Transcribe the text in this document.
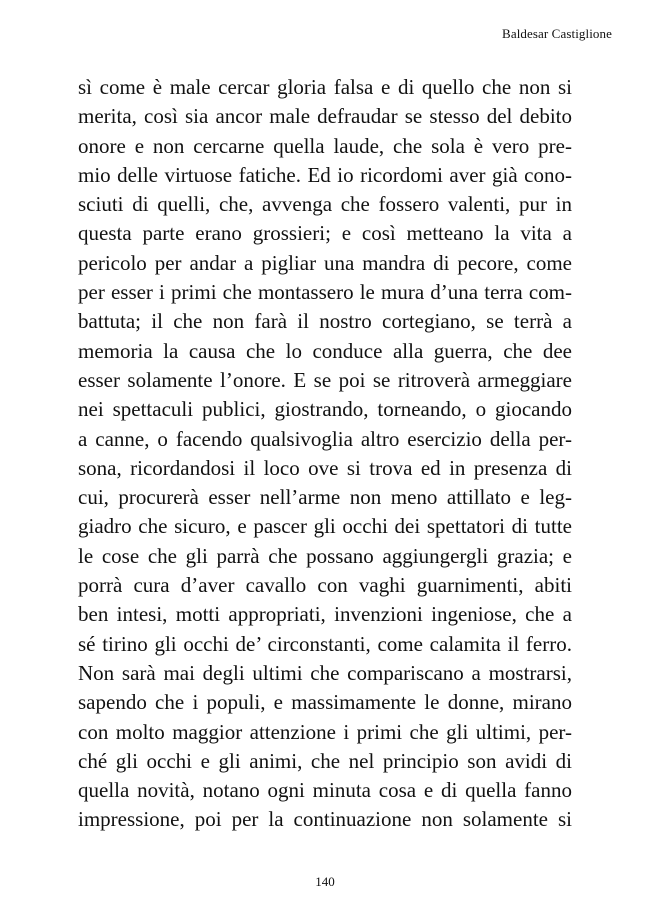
Baldesar Castiglione
sì come è male cercar gloria falsa e di quello che non si
merita, così sia ancor male defraudar se stesso del debito
onore e non cercarne quella laude, che sola è vero pre-
mio delle virtuose fatiche. Ed io ricordomi aver già cono-
sciuti di quelli, che, avvenga che fossero valenti, pur in
questa parte erano grossieri; e così metteano la vita a
pericolo per andar a pigliar una mandra di pecore, come
per esser i primi che montassero le mura d’una terra com-
battuta; il che non farà il nostro cortegiano, se terrà a
memoria la causa che lo conduce alla guerra, che dee
esser solamente l’onore. E se poi se ritroverà armeggiare
nei spettaculi publici, giostrando, torneando, o giocando
a canne, o facendo qualsivoglia altro esercizio della per-
sona, ricordandosi il loco ove si trova ed in presenza di
cui, procurerà esser nell’arme non meno attillato e leg-
giadro che sicuro, e pascer gli occhi dei spettatori di tutte
le cose che gli parrà che possano aggiungergli grazia; e
porrà cura d’aver cavallo con vaghi guarnimenti, abiti
ben intesi, motti appropriati, invenzioni ingeniose, che a
sé tirino gli occhi de’ circonstanti, come calamita il ferro.
Non sarà mai degli ultimi che compariscano a mostrarsi,
sapendo che i populi, e massimamente le donne, mirano
con molto maggior attenzione i primi che gli ultimi, per-
ché gli occhi e gli animi, che nel principio son avidi di
quella novità, notano ogni minuta cosa e di quella fanno
impressione, poi per la continuazione non solamente si
140
